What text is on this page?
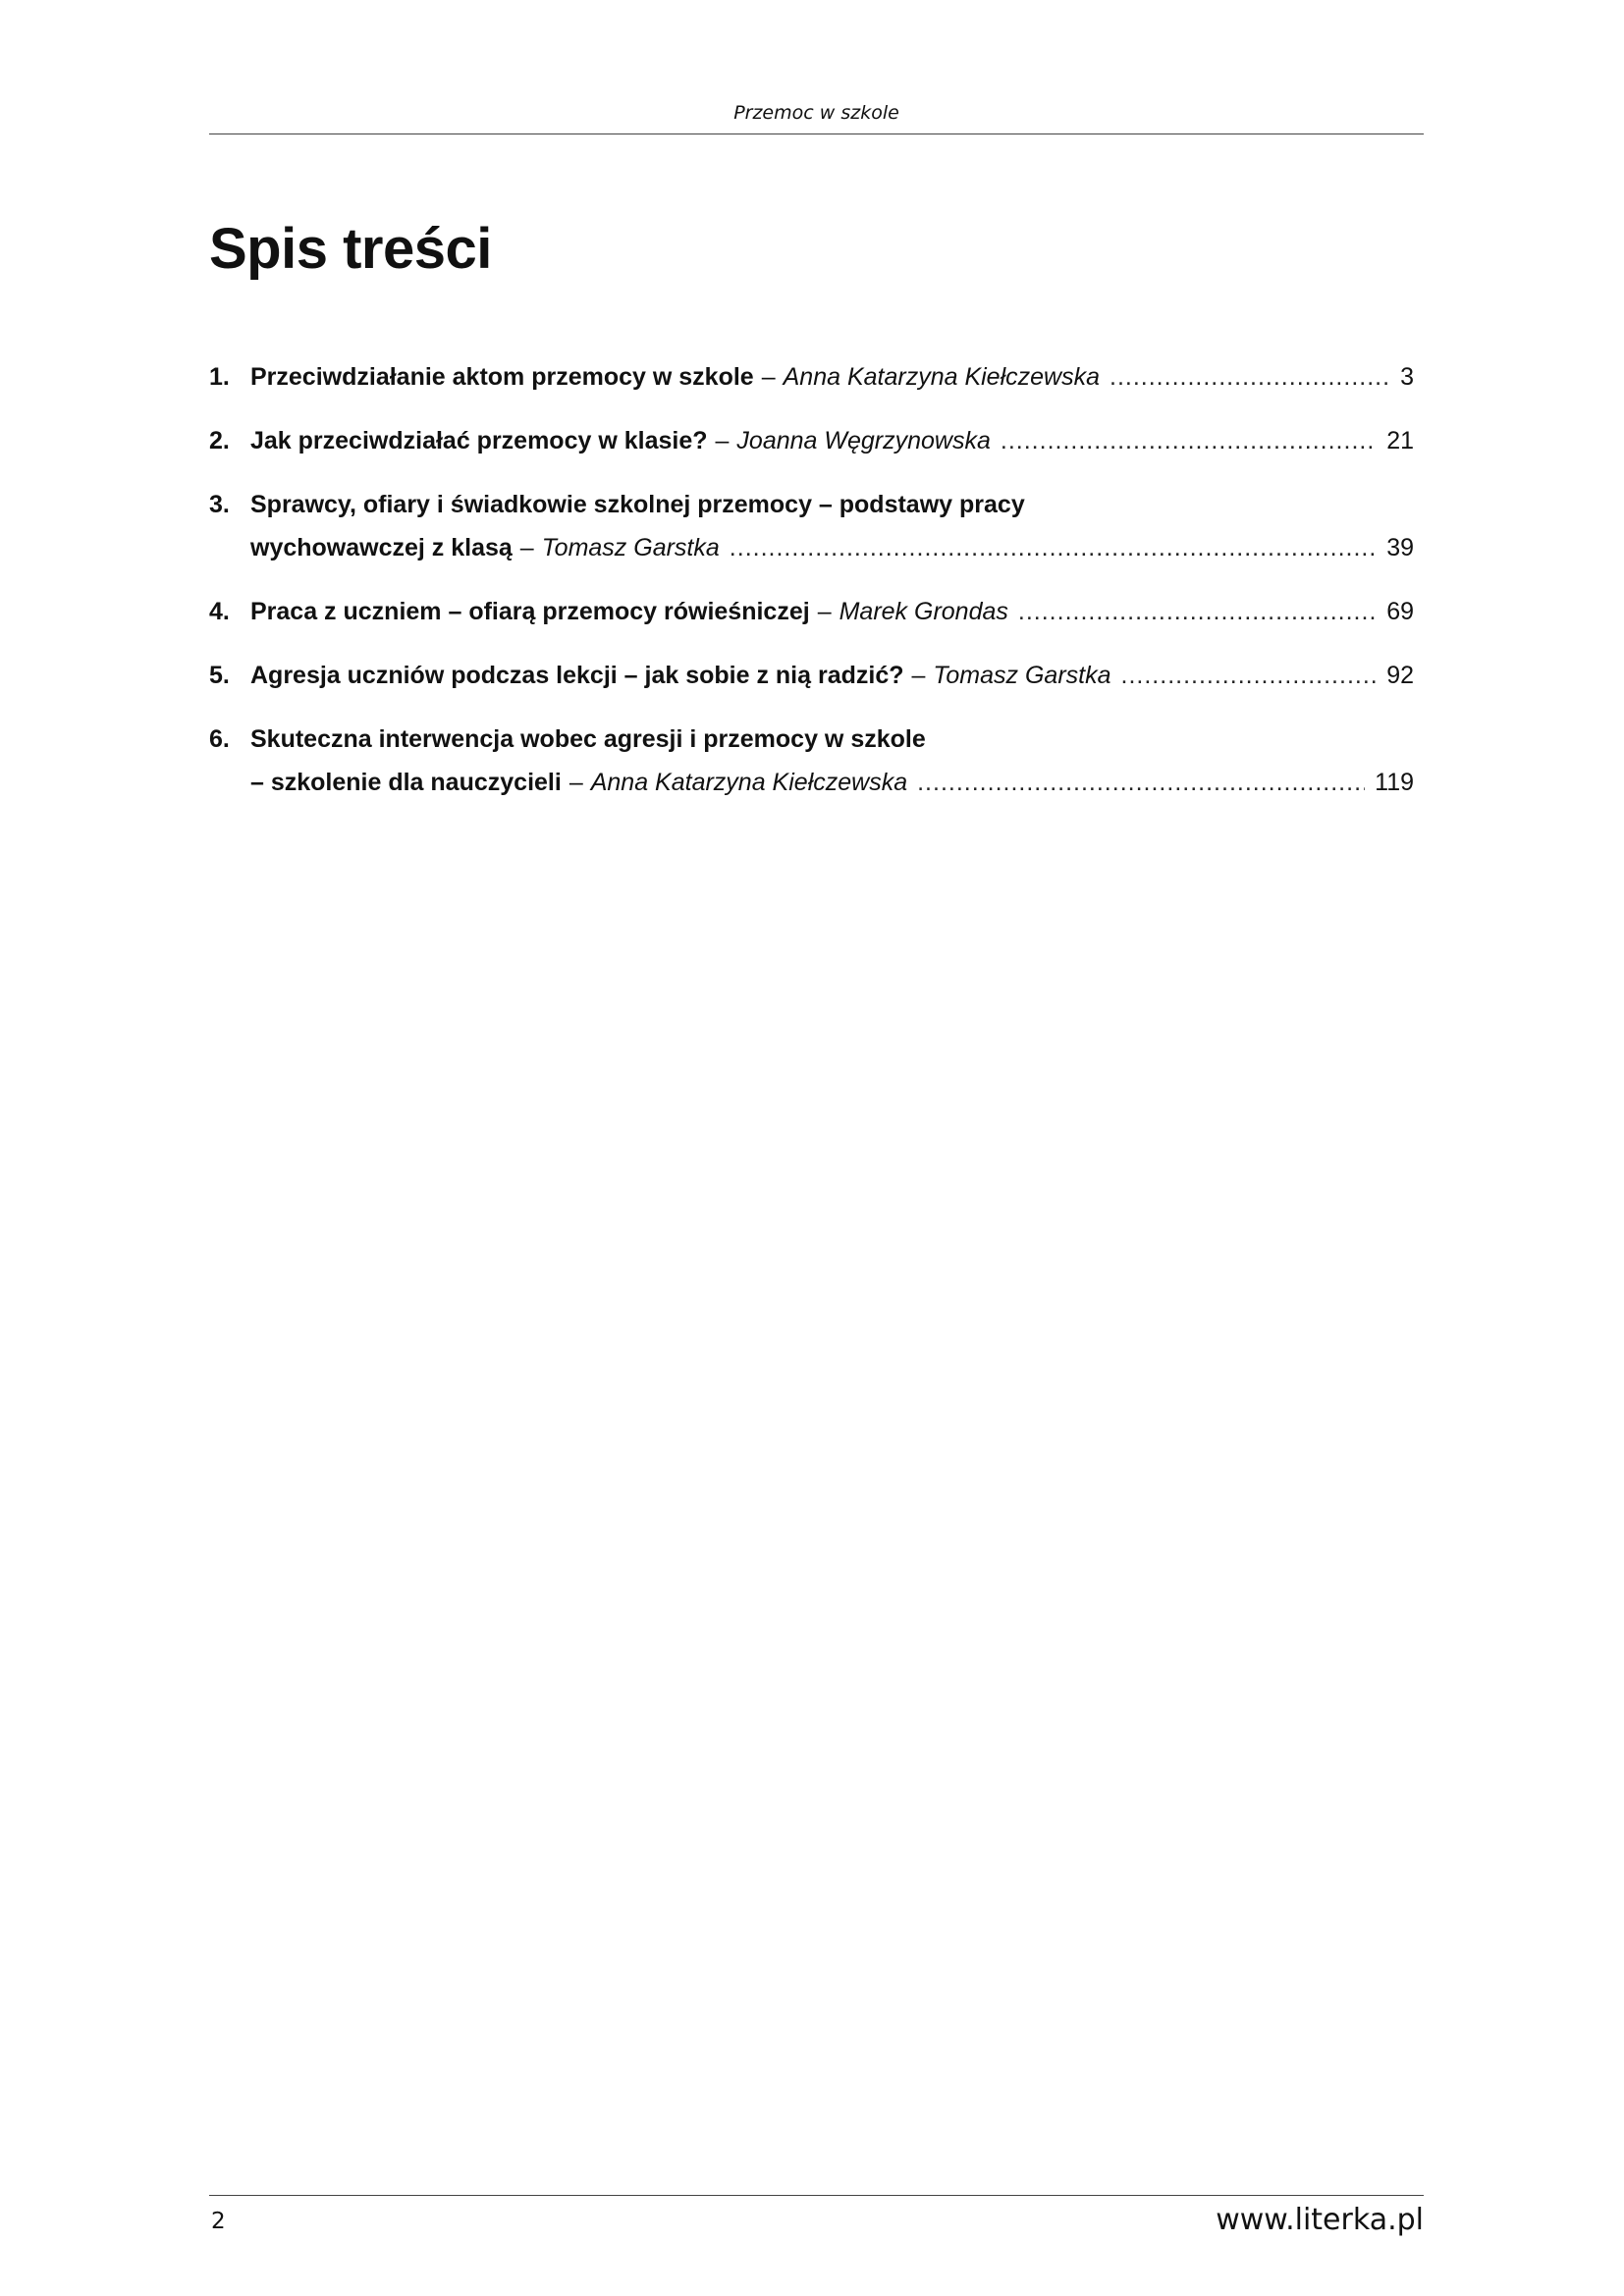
Przemoc w szkole
Spis treści
1. Przeciwdziałanie aktom przemocy w szkole – Anna Katarzyna Kiełczewska .....	3
2. Jak przeciwdziałać przemocy w klasie? – Joanna Węgrzynowska .....	21
3. Sprawcy, ofiary i świadkowie szkolnej przemocy – podstawy pracy
wychowawczej z klasą – Tomasz Garstka .....	39
4. Praca z uczniem – ofiarą przemocy rówieśniczej – Marek Grondas .....	69
5. Agresja uczniów podczas lekcji – jak sobie z nią radzić? – Tomasz Garstka .....	92
6. Skuteczna interwencja wobec agresji i przemocy w szkole
– szkolenie dla nauczycieli – Anna Katarzyna Kiełczewska .....	119
2	www.literka.pl
